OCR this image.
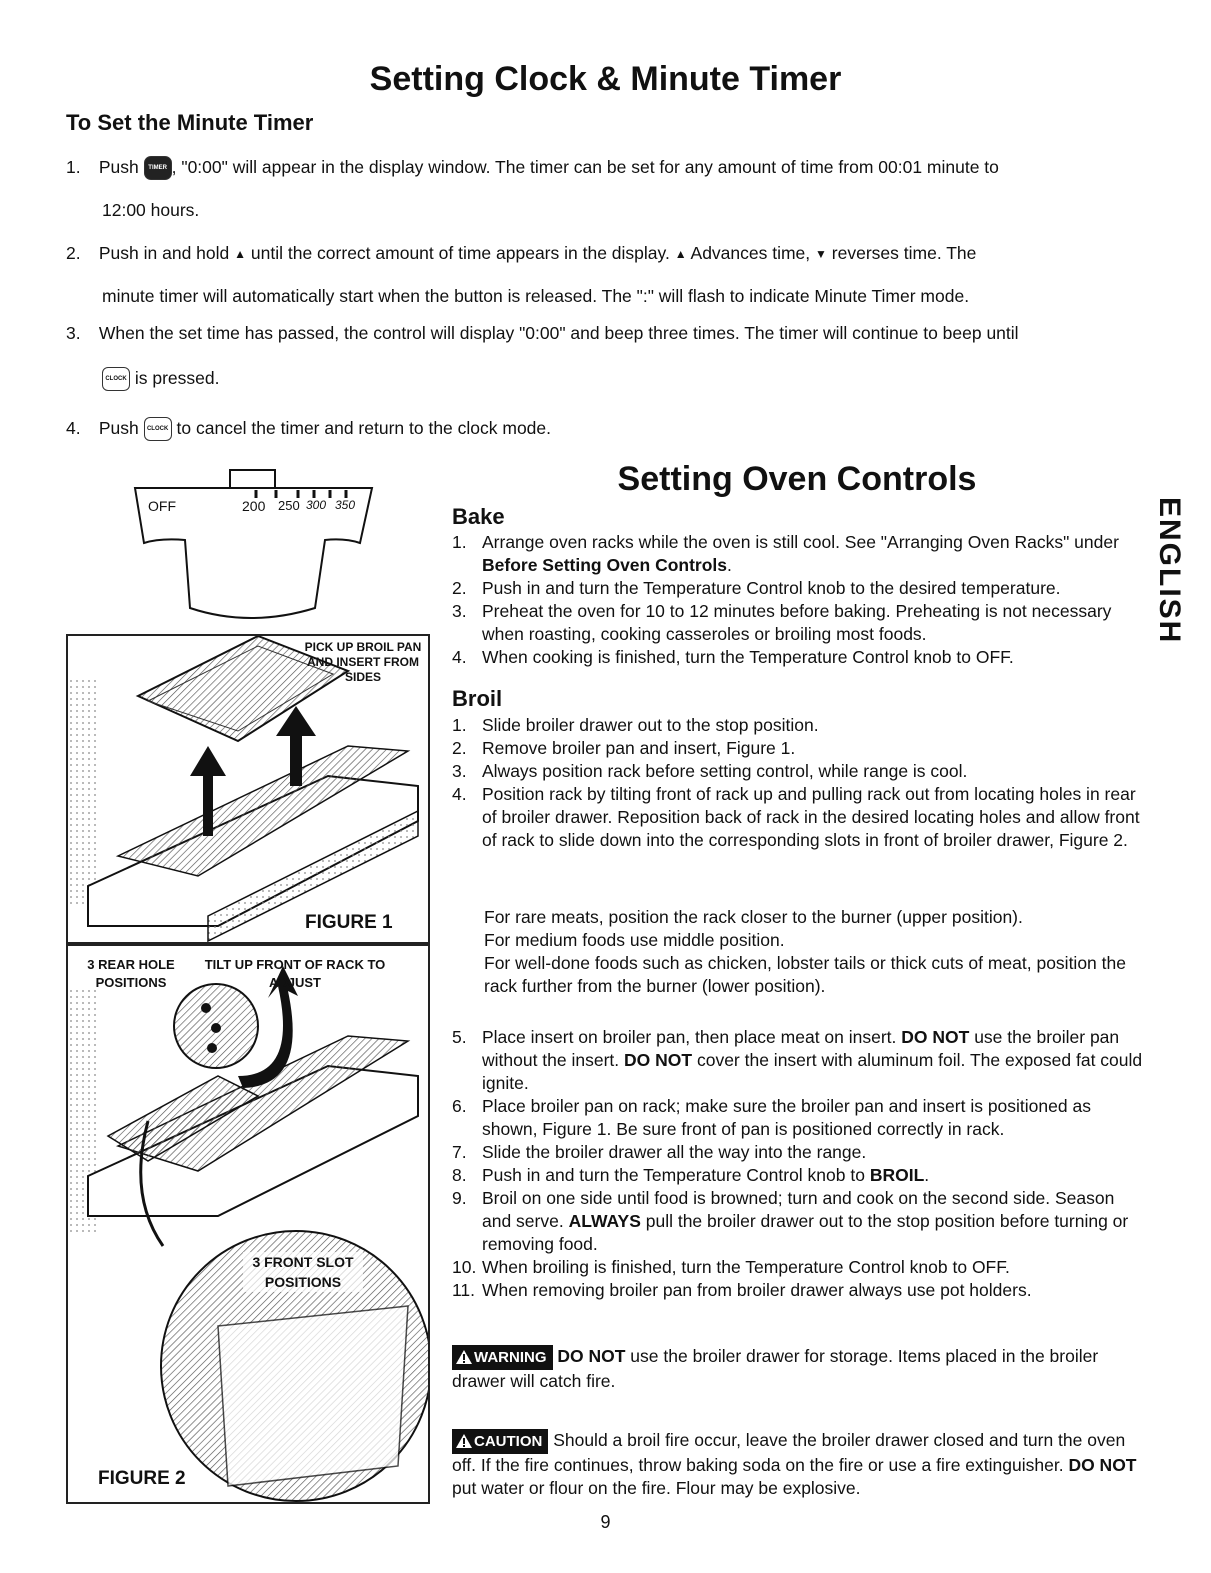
Setting Clock & Minute Timer
To Set the Minute Timer
1. Push TIMER , "0:00" will appear in the display window. The timer can be set for any amount of time from 00:01 minute to
12:00 hours.
2. Push in and hold ▲ until the correct amount of time appears in the display. ▲ Advances time, ▼ reverses time. The
minute timer will automatically start when the button is released. The ":" will flash to indicate Minute Timer mode.
3. When the set time has passed, the control will display "0:00" and beep three times. The timer will continue to beep until
CLOCK is pressed.
4. Push CLOCK to cancel the timer and return to the clock mode.
OFF	200 250 300 350
PICK UP BROIL PAN AND INSERT FROM SIDES
FIGURE 1
3 REAR HOLE POSITIONS
TILT UP FRONT OF RACK TO ADJUST
3 FRONT SLOT POSITIONS
FIGURE 2
Setting Oven Controls
Bake
1. Arrange oven racks while the oven is still cool. See "Arranging Oven Racks" under Before Setting Oven Controls.
2. Push in and turn the Temperature Control knob to the desired temperature.
3. Preheat the oven for 10 to 12 minutes before baking. Preheating is not necessary when roasting, cooking casseroles or broiling most foods.
4. When cooking is finished, turn the Temperature Control knob to OFF.
Broil
1. Slide broiler drawer out to the stop position.
2. Remove broiler pan and insert, Figure 1.
3. Always position rack before setting control, while range is cool.
4. Position rack by tilting front of rack up and pulling rack out from locating holes in rear of broiler drawer. Reposition back of rack in the desired locating holes and allow front of rack to slide down into the corresponding slots in front of broiler drawer, Figure 2.
For rare meats, position the rack closer to the burner (upper position).
For medium foods use middle position.
For well-done foods such as chicken, lobster tails or thick cuts of meat, position the rack further from the burner (lower position).
5. Place insert on broiler pan, then place meat on insert. DO NOT use the broiler pan without the insert. DO NOT cover the insert with aluminum foil. The exposed fat could ignite.
6. Place broiler pan on rack; make sure the broiler pan and insert is positioned as shown, Figure 1. Be sure front of pan is positioned correctly in rack.
7. Slide the broiler drawer all the way into the range.
8. Push in and turn the Temperature Control knob to BROIL.
9. Broil on one side until food is browned; turn and cook on the second side. Season and serve. ALWAYS pull the broiler drawer out to the stop position before turning or removing food.
10. When broiling is finished, turn the Temperature Control knob to OFF.
11. When removing broiler pan from broiler drawer always use pot holders.
WARNING DO NOT use the broiler drawer for storage. Items placed in the broiler drawer will catch fire.
CAUTION Should a broil fire occur, leave the broiler drawer closed and turn the oven off. If the fire continues, throw baking soda on the fire or use a fire extinguisher. DO NOT put water or flour on the fire. Flour may be explosive.
ENGLISH
9
